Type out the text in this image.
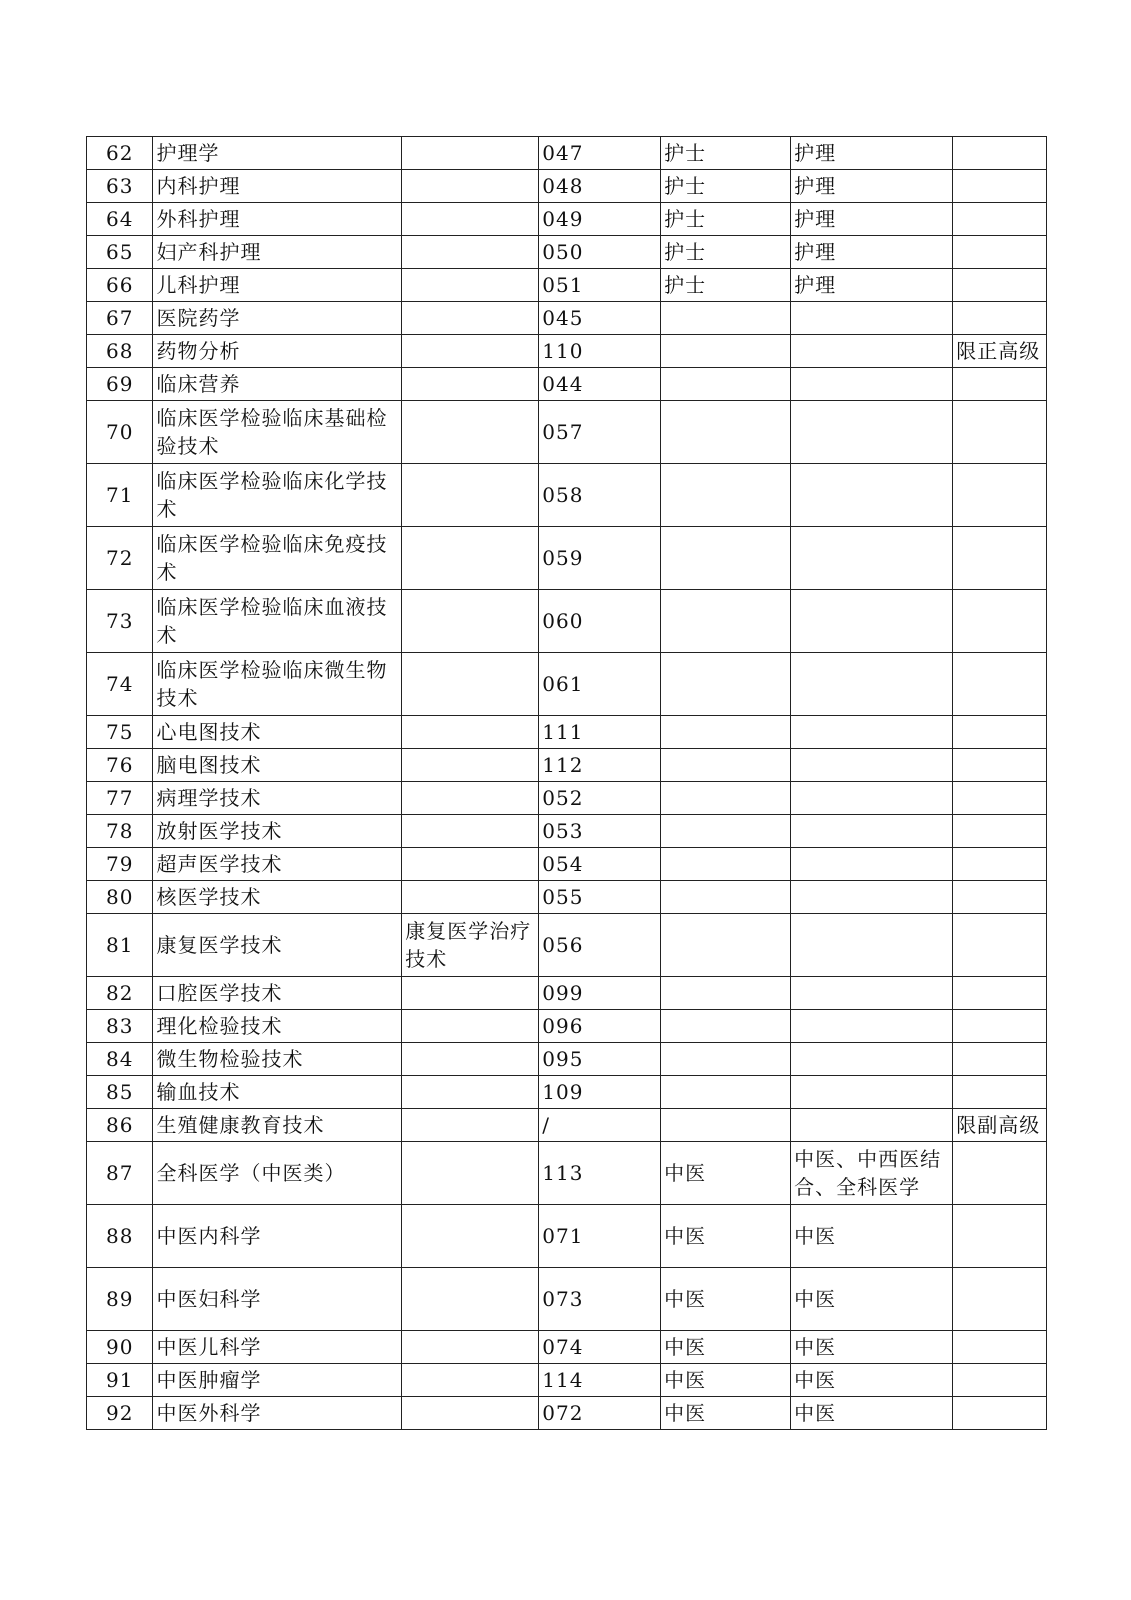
62	护理学		047	护士	护理	
63	内科护理		048	护士	护理	
64	外科护理		049	护士	护理	
65	妇产科护理		050	护士	护理	
66	儿科护理		051	护士	护理	
67	医院药学		045			
68	药物分析		110			限正高级
69	临床营养		044			
70	临床医学检验临床基础检验技术		057			
71	临床医学检验临床化学技术		058			
72	临床医学检验临床免疫技术		059			
73	临床医学检验临床血液技术		060			
74	临床医学检验临床微生物技术		061			
75	心电图技术		111			
76	脑电图技术		112			
77	病理学技术		052			
78	放射医学技术		053			
79	超声医学技术		054			
80	核医学技术		055			
81	康复医学技术	康复医学治疗技术	056			
82	口腔医学技术		099			
83	理化检验技术		096			
84	微生物检验技术		095			
85	输血技术		109			
86	生殖健康教育技术		/			限副高级
87	全科医学（中医类）		113	中医	中医、中西医结合、全科医学	
88	中医内科学		071	中医	中医	
89	中医妇科学		073	中医	中医	
90	中医儿科学		074	中医	中医	
91	中医肿瘤学		114	中医	中医	
92	中医外科学		072	中医	中医	
